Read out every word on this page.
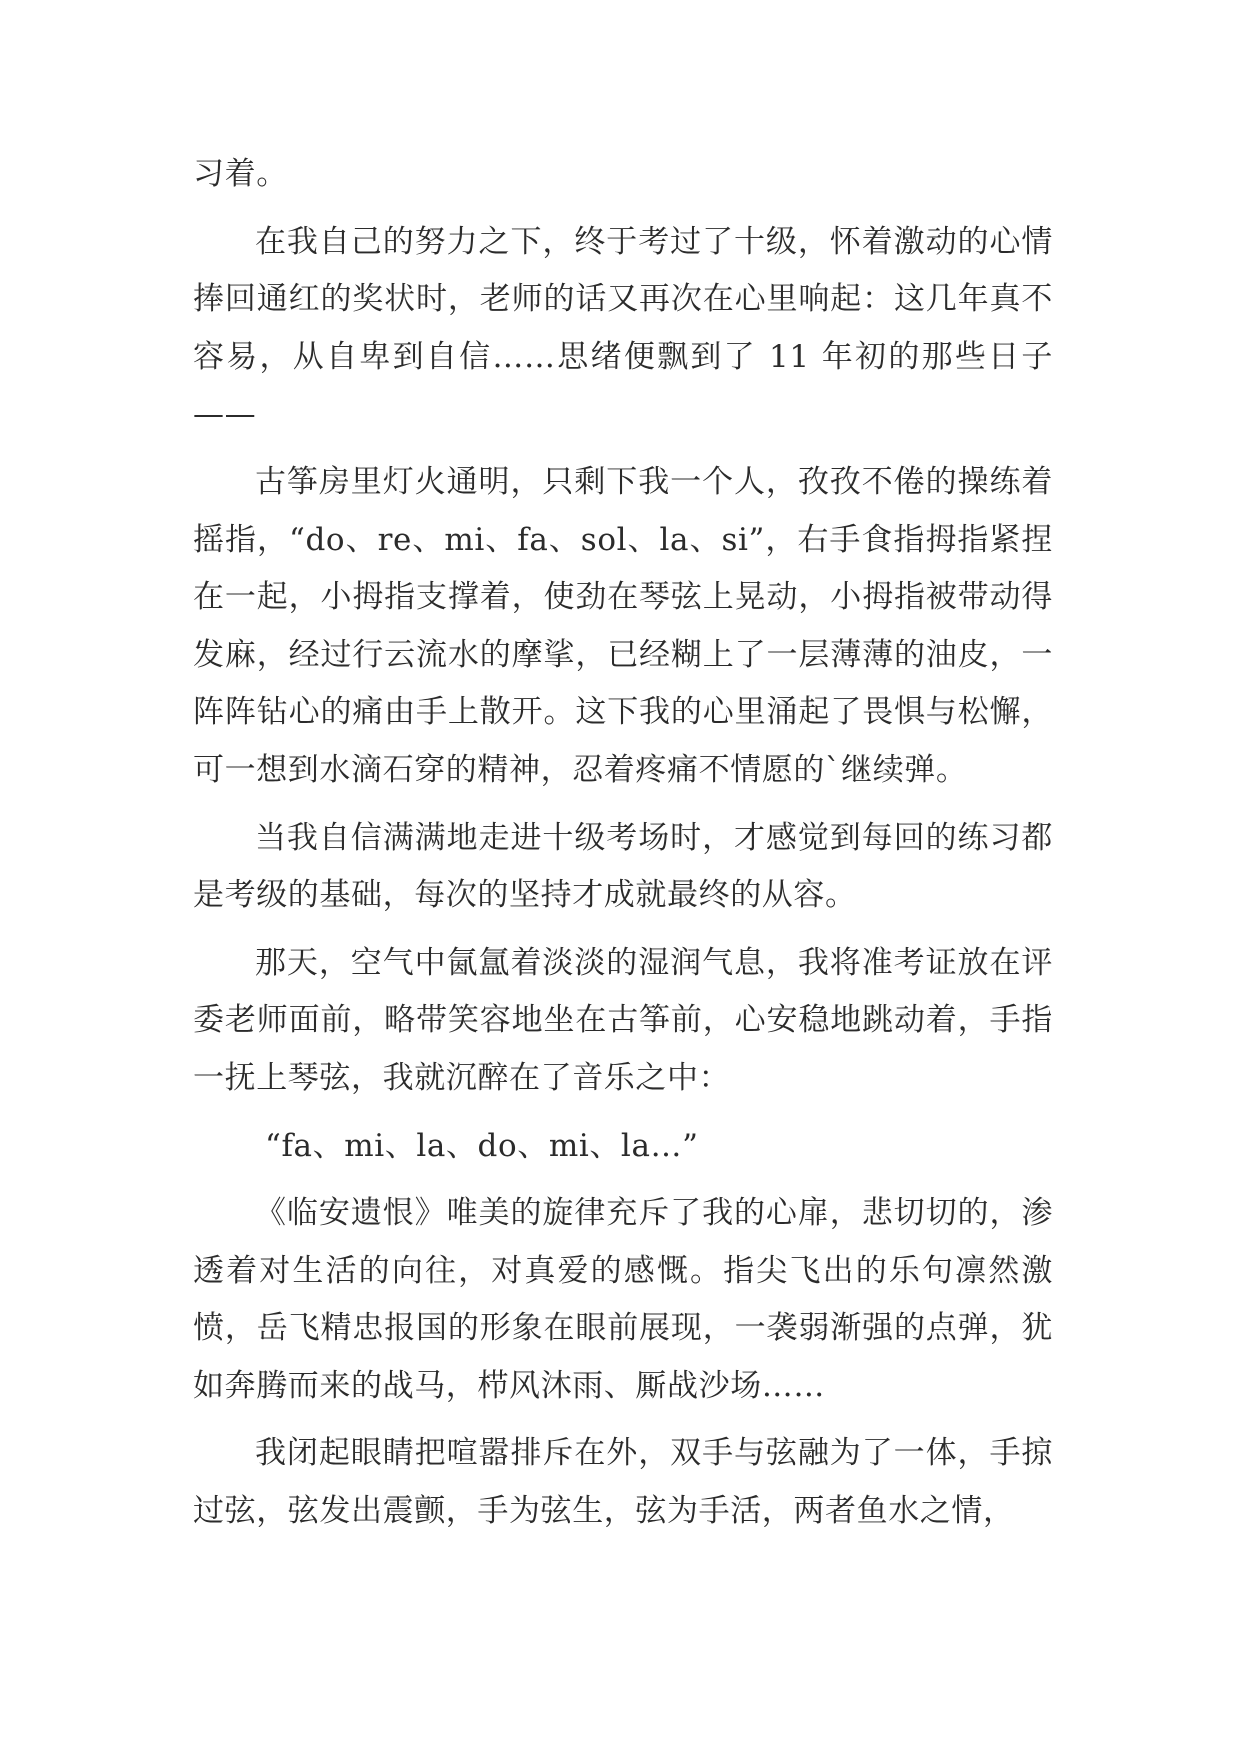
习着。

在我自己的努力之下，终于考过了十级，怀着激动的心情捧回通红的奖状时，老师的话又再次在心里响起：这几年真不容易，从自卑到自信……思绪便飘到了 11 年初的那些日子——

古筝房里灯火通明，只剩下我一个人，孜孜不倦的操练着摇指，“do、re、mi、fa、sol、la、si”，右手食指拇指紧捏在一起，小拇指支撑着，使劲在琴弦上晃动，小拇指被带动得发麻，经过行云流水的摩挲，已经糊上了一层薄薄的油皮，一阵阵钻心的痛由手上散开。这下我的心里涌起了畏惧与松懈，可一想到水滴石穿的精神，忍着疼痛不情愿的`继续弹。

当我自信满满地走进十级考场时，才感觉到每回的练习都是考级的基础，每次的坚持才成就最终的从容。

那天，空气中氤氲着淡淡的湿润气息，我将准考证放在评委老师面前，略带笑容地坐在古筝前，心安稳地跳动着，手指一抚上琴弦，我就沉醉在了音乐之中：

“fa、mi、la、do、mi、la…”

《临安遗恨》唯美的旋律充斥了我的心扉，悲切切的，渗透着对生活的向往，对真爱的感慨。指尖飞出的乐句凛然激愤，岳飞精忠报国的形象在眼前展现，一袭弱渐强的点弹，犹如奔腾而来的战马，栉风沐雨、厮战沙场……

我闭起眼睛把喧嚣排斥在外，双手与弦融为了一体，手掠过弦，弦发出震颤，手为弦生，弦为手活，两者鱼水之情，
